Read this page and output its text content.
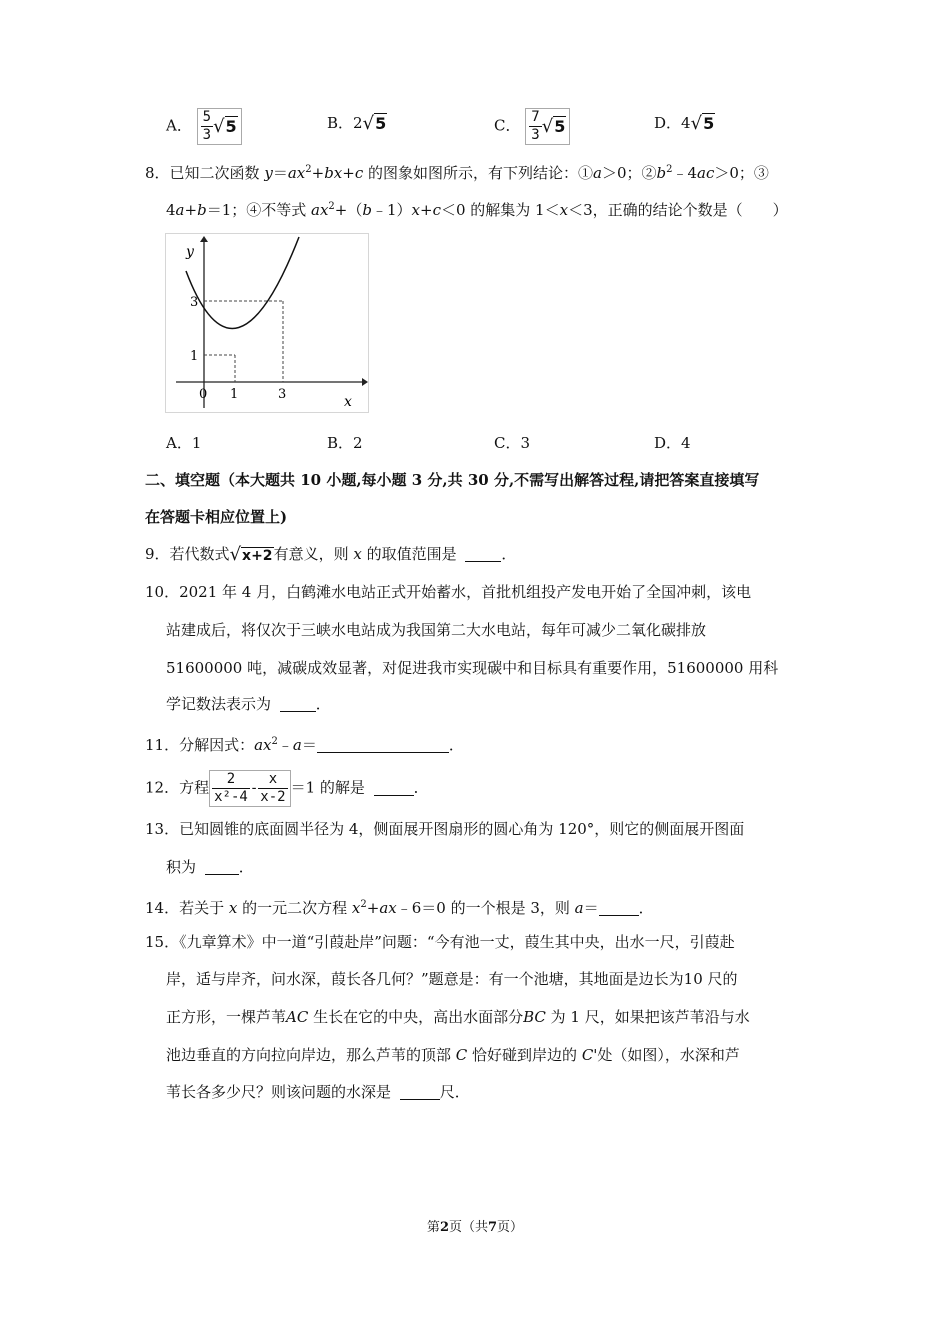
A． $\frac{5}{3} √5$	B．2√5	C． $\frac{7}{3} √5$	D．4√5
8．已知二次函数 $y=ax^2+bx+c$ 的图象如图所示，有下列结论：①a＞0；$②b^2﹣4ac>0$；③
4a+b＝1；④不等式 $ax^2+(b﹣1)x+c<0$ 的解集为 1＜x＜3，正确的结论个数是（　　）
y
x
3
1
0 1	3
A．1	B．2	C．3	D．4
二、填空题（本大题共 10 小题,每小题 3 分,共 30 分,不需写出解答过程,请把答案直接填写
在答题卡相应位置上)
9．若代数式√x+2有意义，则 x 的取值范围是	．
10．2021 年 4 月，白鹤滩水电站正式开始蓄水，首批机组投产发电开始了全国冲刺，该电
站建成后，将仅次于三峡水电站成为我国第二大水电站，每年可减少二氧化碳排放
51600000 吨，减碳成效显著，对促进我市实现碳中和目标具有重要作用，51600000 用科
学记数法表示为	．
11．分解因式：$ax^2﹣a=$	．
12．方程 $\frac{2}{\text{x²-4}} - \frac{x}{x-2} =1$ 的解是	．
13．已知圆锥的底面圆半径为 4，侧面展开图扇形的圆心角为 120°，则它的侧面展开图面
积为	．
14．若关于 x 的一元二次方程 $x^2+ax﹣6=0$ 的一个根是 3，则 a＝	．
15．《九章算术》中一道“引葭赴岸”问题：“今有池一丈，葭生其中央，出水一尺，引葭赴
岸，适与岸齐，问水深，葭长各几何？”题意是：有一个池塘，其地面是边长为10 尺的
正方形，一棵芦苇AC 生长在它的中央，高出水面部分BC 为 1 尺，如果把该芦苇沿与水
池边垂直的方向拉向岸边，那么芦苇的顶部 C 恰好碰到岸边的 C'处（如图），水深和芦
苇长各多少尺？则该问题的水深是	尺．
第2页（共7页）
